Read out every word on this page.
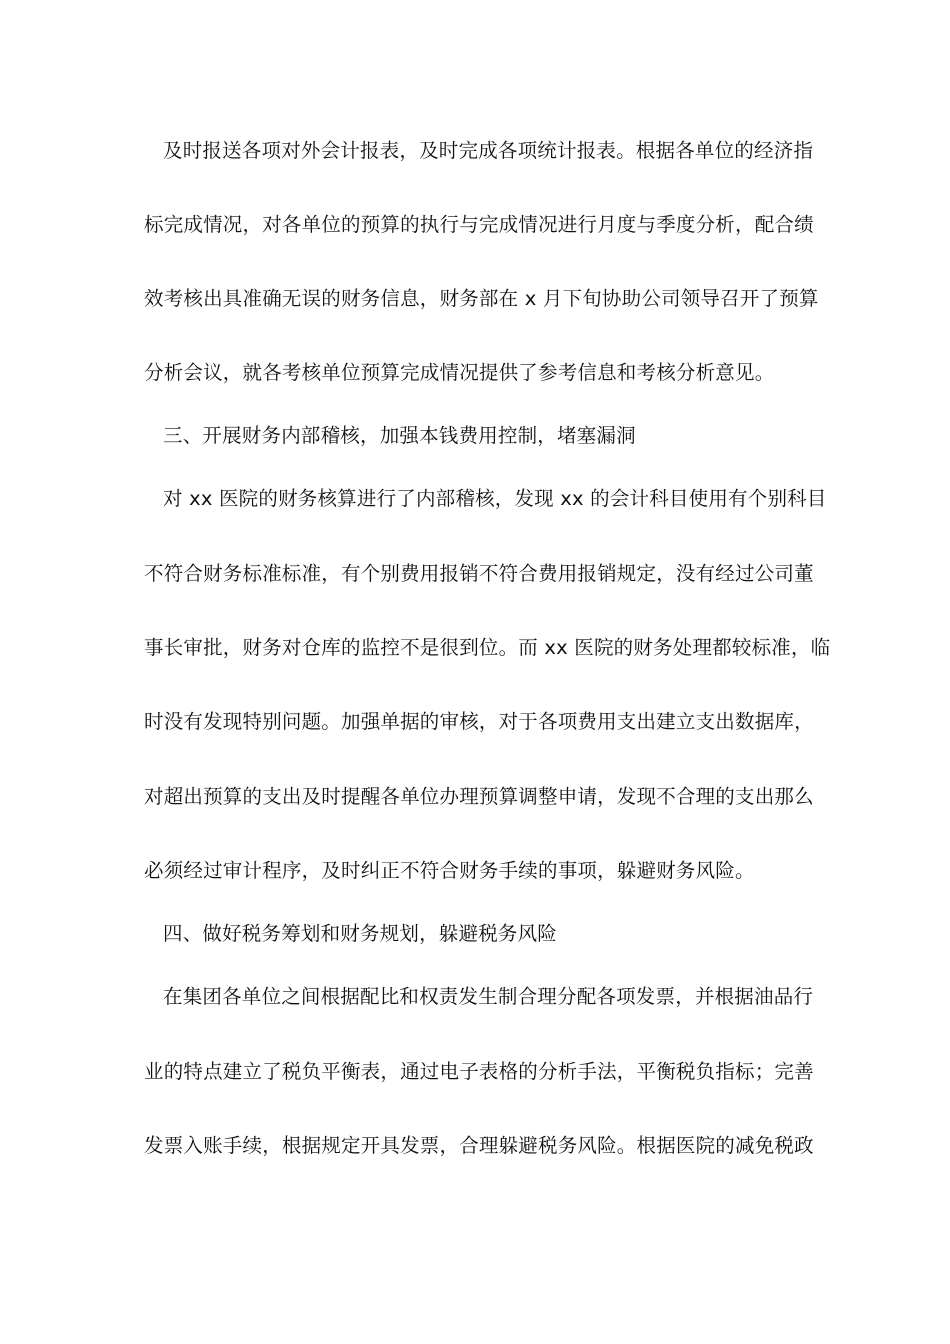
及时报送各项对外会计报表，及时完成各项统计报表。根据各单位的经济指
标完成情况，对各单位的预算的执行与完成情况进行月度与季度分析，配合绩
效考核出具准确无误的财务信息，财务部在 x 月下旬协助公司领导召开了预算
分析会议，就各考核单位预算完成情况提供了参考信息和考核分析意见。
三、开展财务内部稽核，加强本钱费用控制，堵塞漏洞
对 xx 医院的财务核算进行了内部稽核，发现 xx 的会计科目使用有个别科目
不符合财务标准标准，有个别费用报销不符合费用报销规定，没有经过公司董
事长审批，财务对仓库的监控不是很到位。而 xx 医院的财务处理都较标准，临
时没有发现特别问题。加强单据的审核，对于各项费用支出建立支出数据库，
对超出预算的支出及时提醒各单位办理预算调整申请，发现不合理的支出那么
必须经过审计程序，及时纠正不符合财务手续的事项，躲避财务风险。
四、做好税务筹划和财务规划，躲避税务风险
在集团各单位之间根据配比和权责发生制合理分配各项发票，并根据油品行
业的特点建立了税负平衡表，通过电子表格的分析手法，平衡税负指标；完善
发票入账手续，根据规定开具发票，合理躲避税务风险。根据医院的减免税政
